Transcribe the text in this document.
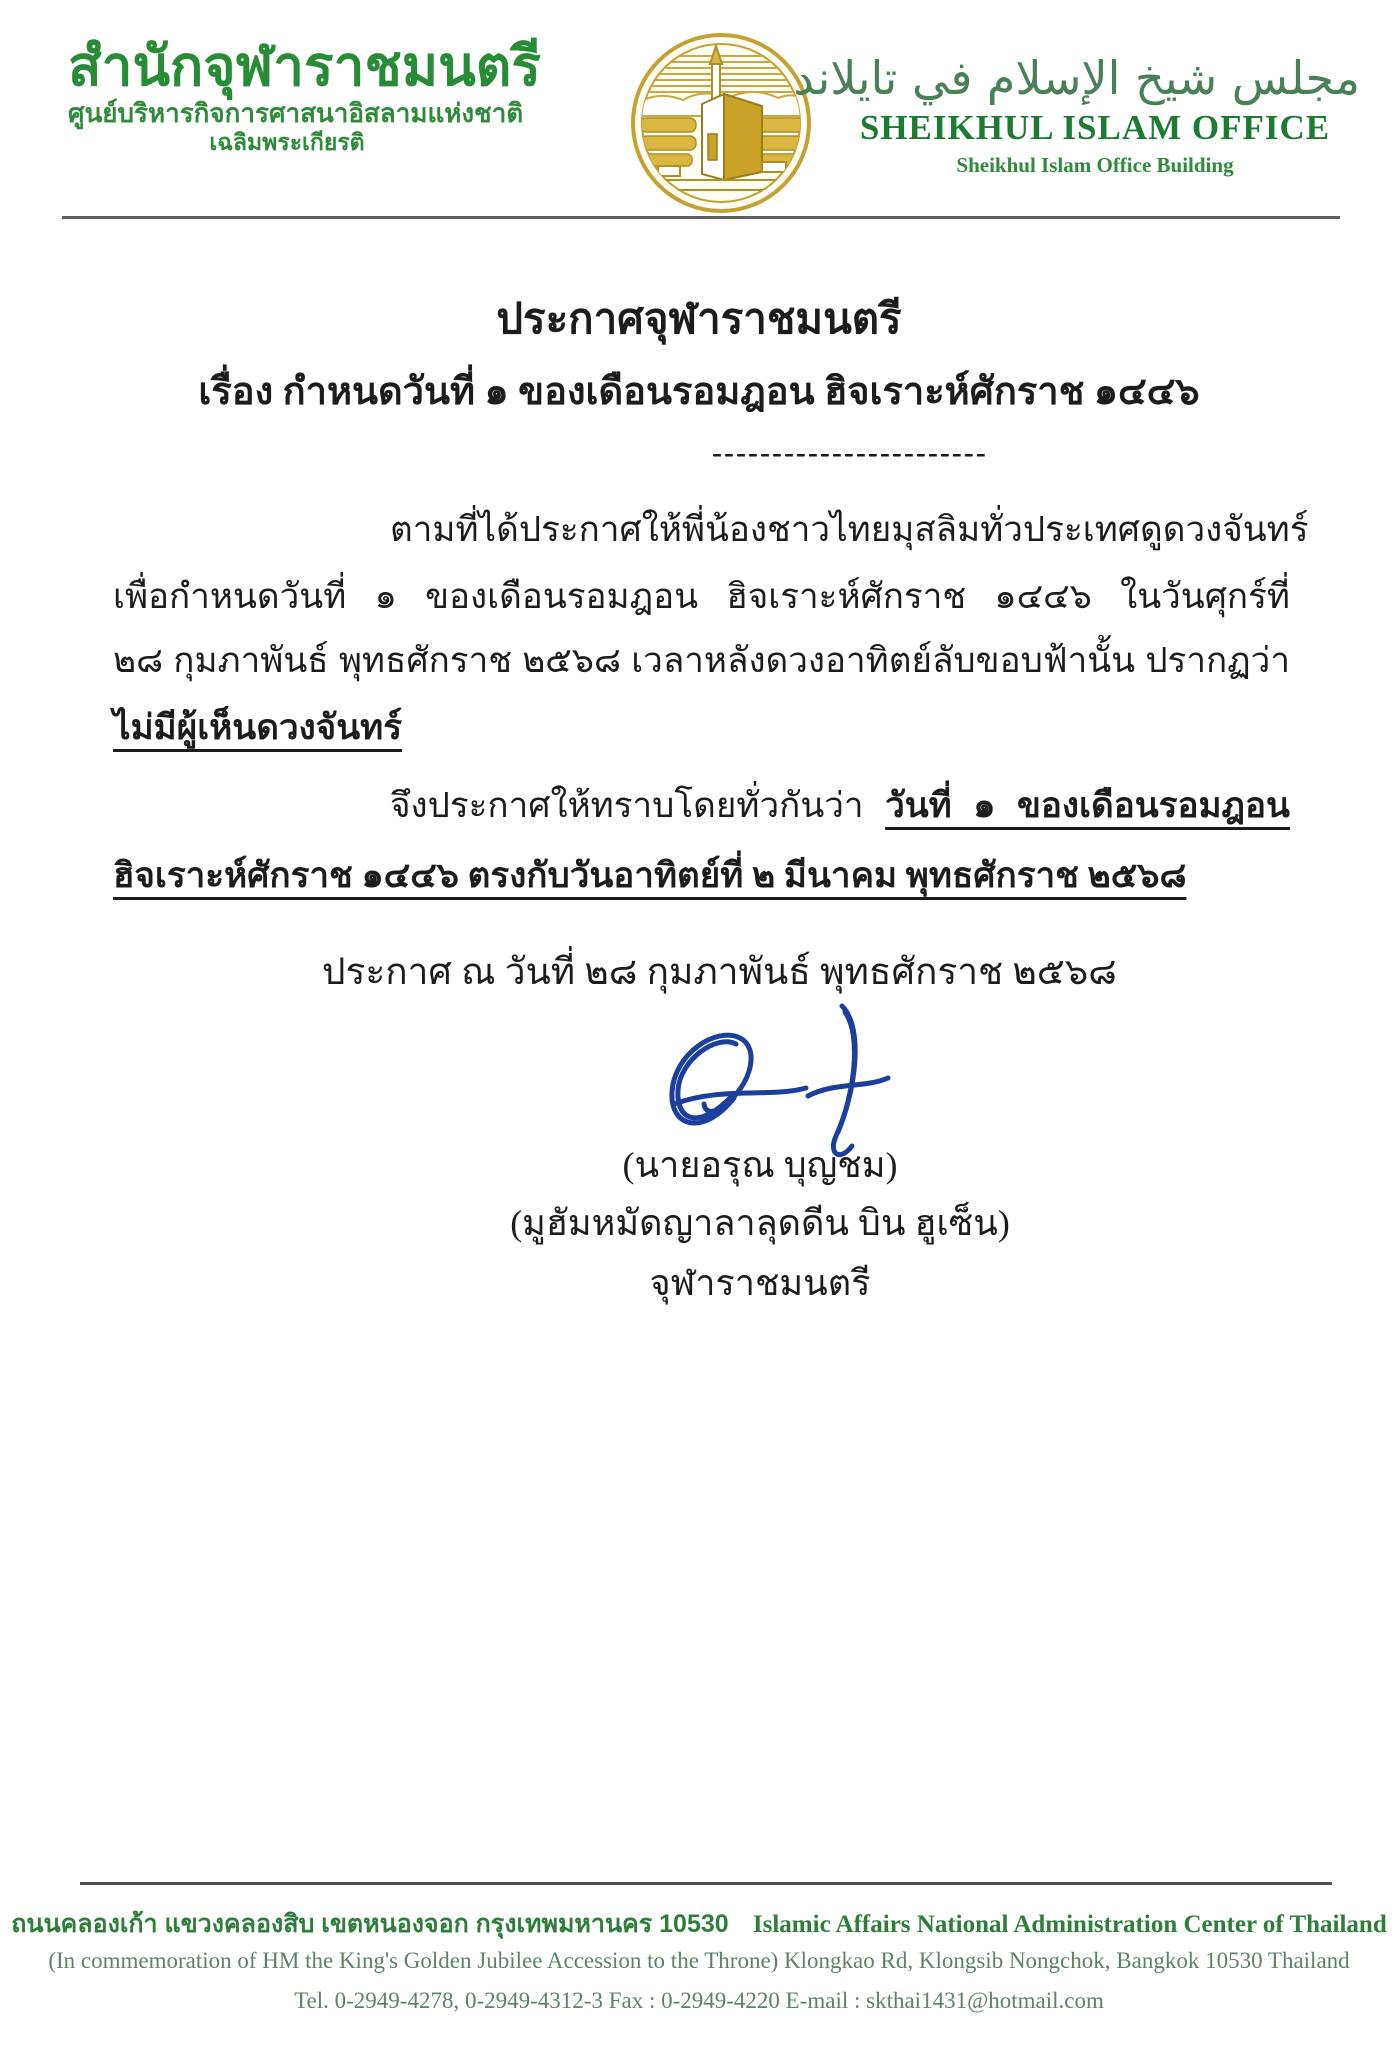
สำนักจุฬาราชมนตรี
ศูนย์บริหารกิจการศาสนาอิสลามแห่งชาติ
เฉลิมพระเกียรติ
مجلس شيخ الإسلام في تايلاند
SHEIKHUL ISLAM OFFICE
Sheikhul Islam Office Building
ประกาศจุฬาราชมนตรี
เรื่อง กำหนดวันที่ ๑ ของเดือนรอมฎอน ฮิจเราะห์ศักราช ๑๔๔๖
-----------------------
ตามที่ได้ประกาศให้พี่น้องชาวไทยมุสลิมทั่วประเทศดูดวงจันทร์
เพื่อกำหนดวันที่ ๑ ของเดือนรอมฎอน ฮิจเราะห์ศักราช ๑๔๔๖ ในวันศุกร์ที่
๒๘ กุมภาพันธ์ พุทธศักราช ๒๕๖๘ เวลาหลังดวงอาทิตย์ลับขอบฟ้านั้น ปรากฏว่า
ไม่มีผู้เห็นดวงจันทร์
จึงประกาศให้ทราบโดยทั่วกันว่า วันที่ ๑ ของเดือนรอมฎอน
ฮิจเราะห์ศักราช ๑๔๔๖ ตรงกับวันอาทิตย์ที่ ๒ มีนาคม พุทธศักราช ๒๕๖๘
ประกาศ ณ วันที่ ๒๘ กุมภาพันธ์ พุทธศักราช ๒๕๖๘
(นายอรุณ บุญชม)
(มูฮัมหมัดญาลาลุดดีน บิน ฮูเซ็น)
จุฬาราชมนตรี
ถนนคลองเก้า แขวงคลองสิบ เขตหนองจอก กรุงเทพมหานคร 10530 Islamic Affairs National Administration Center of Thailand
(In commemoration of HM the King's Golden Jubilee Accession to the Throne) Klongkao Rd, Klongsib Nongchok, Bangkok 10530 Thailand
Tel. 0-2949-4278, 0-2949-4312-3 Fax : 0-2949-4220 E-mail : skthai1431@hotmail.com
